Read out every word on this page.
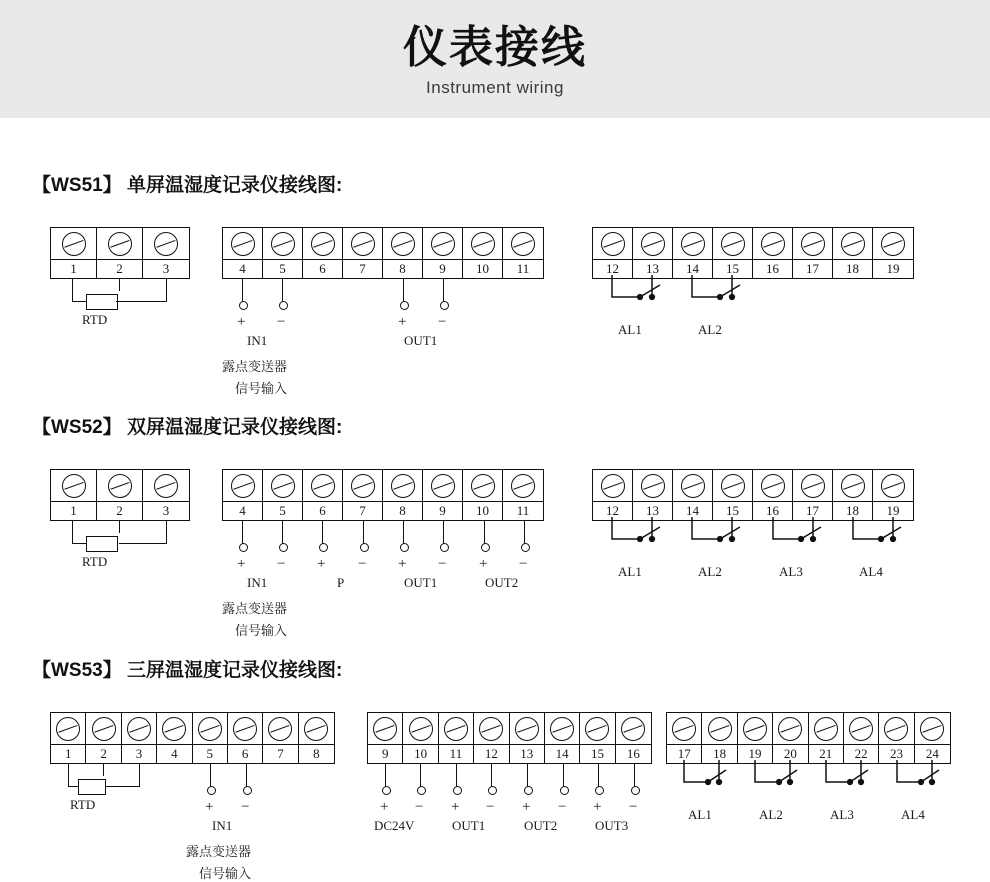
仪表接线
Instrument wiring
【WS51】 单屏温湿度记录仪接线图:
1	2	3
RTD
4	5	6	7	8	9	10	11
+ −
IN1
露点变送器
信号输入
+ −
OUT1
12	13	14	15	16	17	18	19
AL1	AL2
【WS52】 双屏温湿度记录仪接线图:
1	2	3
RTD
4	5	6	7	8	9	10	11
+ − + − + − + −
IN1	P	OUT1	OUT2
露点变送器
信号输入
12	13	14	15	16	17	18	19
AL1	AL2	AL3	AL4
【WS53】 三屏温湿度记录仪接线图:
1	2	3	4	5	6	7	8
RTD	+ −
IN1
露点变送器
信号输入
9	10	11	12	13	14	15	16
+ − + − + − + −
DC24V	OUT1	OUT2	OUT3
17	18	19	20	21	22	23	24
AL1	AL2	AL3	AL4
